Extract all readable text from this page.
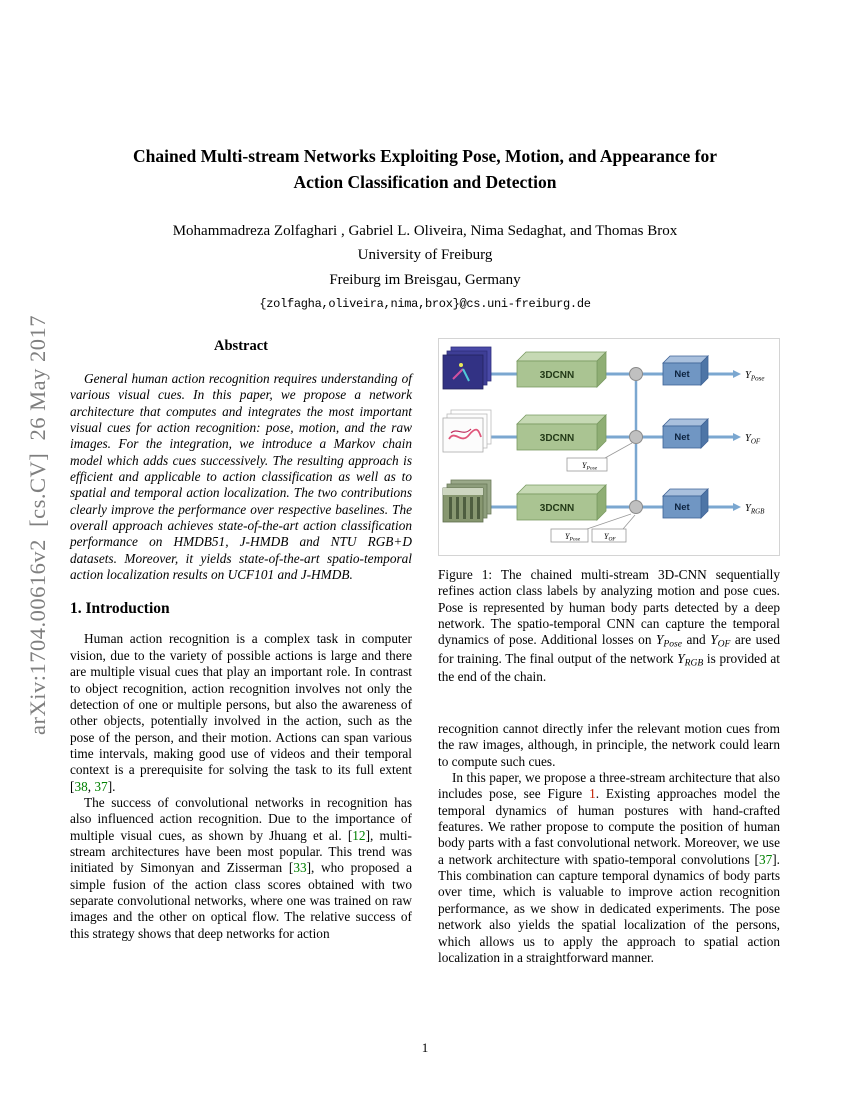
arXiv:1704.00616v2  [cs.CV]  26 May 2017
Chained Multi-stream Networks Exploiting Pose, Motion, and Appearance for
Action Classification and Detection
Mohammadreza Zolfaghari , Gabriel L. Oliveira, Nima Sedaghat, and Thomas Brox
University of Freiburg
Freiburg im Breisgau, Germany
{zolfagha,oliveira,nima,brox}@cs.uni-freiburg.de
Abstract

General human action recognition requires understanding of various visual cues. In this paper, we propose a network architecture that computes and integrates the most important visual cues for action recognition: pose, motion, and the raw images. For the integration, we introduce a Markov chain model which adds cues successively. The resulting approach is efficient and applicable to action classification as well as to spatial and temporal action localization. The two contributions clearly improve the performance over respective baselines. The overall approach achieves state-of-the-art action classification performance on HMDB51, J-HMDB and NTU RGB+D datasets. Moreover, it yields state-of-the-art spatio-temporal action localization results on UCF101 and J-HMDB.

1. Introduction

Human action recognition is a complex task in computer vision, due to the variety of possible actions is large and there are multiple visual cues that play an important role. In contrast to object recognition, action recognition involves not only the detection of one or multiple persons, but also the awareness of other objects, potentially involved in the action, such as the pose of the person, and their motion. Actions can span various time intervals, making good use of videos and their temporal context is a prerequisite for solving the task to its full extent [38, 37].

The success of convolutional networks in recognition has also influenced action recognition. Due to the importance of multiple visual cues, as shown by Jhuang et al. [12], multi-stream architectures have been most popular. This trend was initiated by Simonyan and Zisserman [33], who proposed a simple fusion of the action class scores obtained with two separate convolutional networks, where one was trained on raw images and the other on optical flow. The relative success of this strategy shows that deep networks for action

3DCNN
3DCNN
3DCNN
Net
Net
Net
$Y_{Pose}$
$Y_{OF}$
$Y_{RGB}$
YPose
YPose	YOF
Figure 1: The chained multi-stream 3D-CNN sequentially refines action class labels by analyzing motion and pose cues. Pose is represented by human body parts detected by a deep network. The spatio-temporal CNN can capture the temporal dynamics of pose. Additional losses on YPose and YOF are used for training. The final output of the network YRGB is provided at the end of the chain.

recognition cannot directly infer the relevant motion cues from the raw images, although, in principle, the network could learn to compute such cues.

In this paper, we propose a three-stream architecture that also includes pose, see Figure 1. Existing approaches model the temporal dynamics of human postures with hand-crafted features. We rather propose to compute the position of human body parts with a fast convolutional network. Moreover, we use a network architecture with spatio-temporal convolutions [37]. This combination can capture temporal dynamics of body parts over time, which is valuable to improve action recognition performance, as we show in dedicated experiments. The pose network also yields the spatial localization of the persons, which allows us to apply the approach to spatial action localization in a straightforward manner.

1
